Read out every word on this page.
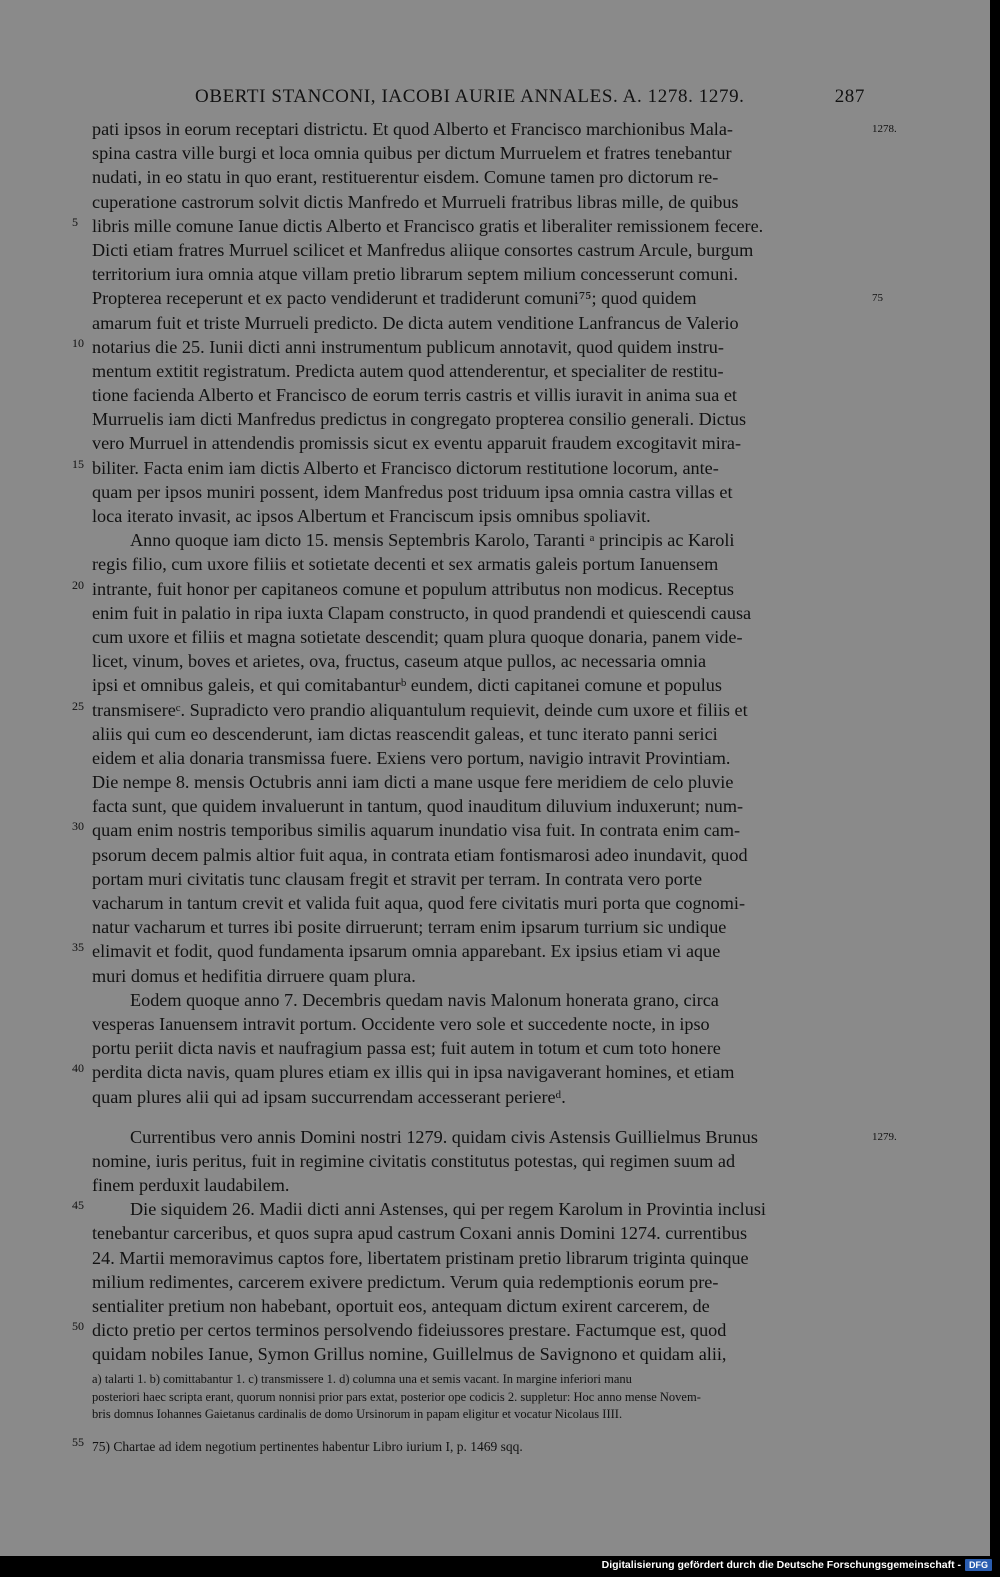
OBERTI STANCONI, IACOBI AURIE ANNALES. A. 1278. 1279.	287
pati ipsos in eorum receptari districtu. Et quod Alberto et Francisco marchionibus Mala-	1278.
spina castra ville burgi et loca omnia quibus per dictum Murruelem et fratres tenebantur
nudati, in eo statu in quo erant, restituerentur eisdem. Comune tamen pro dictorum re-
cuperatione castrorum solvit dictis Manfredo et Murrueli fratribus libras mille, de quibus
5 libris mille comune Ianue dictis Alberto et Francisco gratis et liberaliter remissionem fecere.
Dicti etiam fratres Murruel scilicet et Manfredus aliique consortes castrum Arcule, burgum
territorium iura omnia atque villam pretio librarum septem milium concesserunt comuni.
Propterea receperunt et ex pacto vendiderunt et tradiderunt comuni⁷⁵; quod quidem	75
amarum fuit et triste Murrueli predicto. De dicta autem venditione Lanfrancus de Valerio
10 notarius die 25. Iunii dicti anni instrumentum publicum annotavit, quod quidem instru-
mentum extitit registratum. Predicta autem quod attenderentur, et specialiter de restitu-
tione facienda Alberto et Francisco de eorum terris castris et villis iuravit in anima sua et
Murruelis iam dicti Manfredus predictus in congregato propterea consilio generali. Dictus
vero Murruel in attendendis promissis sicut ex eventu apparuit fraudem excogitavit mira-
15 biliter. Facta enim iam dictis Alberto et Francisco dictorum restitutione locorum, ante-
quam per ipsos muniri possent, idem Manfredus post triduum ipsa omnia castra villas et
loca iterato invasit, ac ipsos Albertum et Franciscum ipsis omnibus spoliavit.
Anno quoque iam dicto 15. mensis Septembris Karolo, Taranti ᵃ principis ac Karoli
regis filio, cum uxore filiis et sotietate decenti et sex armatis galeis portum Ianuensem
20 intrante, fuit honor per capitaneos comune et populum attributus non modicus. Receptus
enim fuit in palatio in ripa iuxta Clapam constructo, in quod prandendi et quiescendi causa
cum uxore et filiis et magna sotietate descendit; quam plura quoque donaria, panem vide-
licet, vinum, boves et arietes, ova, fructus, caseum atque pullos, ac necessaria omnia
ipsi et omnibus galeis, et qui comitabanturᵇ eundem, dicti capitanei comune et populus
25 transmisereᶜ. Supradicto vero prandio aliquantulum requievit, deinde cum uxore et filiis et
aliis qui cum eo descenderunt, iam dictas reascendit galeas, et tunc iterato panni serici
eidem et alia donaria transmissa fuere. Exiens vero portum, navigio intravit Provintiam.
Die nempe 8. mensis Octubris anni iam dicti a mane usque fere meridiem de celo pluvie
facta sunt, que quidem invaluerunt in tantum, quod inauditum diluvium induxerunt; num-
30 quam enim nostris temporibus similis aquarum inundatio visa fuit. In contrata enim cam-
psorum decem palmis altior fuit aqua, in contrata etiam fontismarosi adeo inundavit, quod
portam muri civitatis tunc clausam fregit et stravit per terram. In contrata vero porte
vacharum in tantum crevit et valida fuit aqua, quod fere civitatis muri porta que cognomi-
natur vacharum et turres ibi posite dirruerunt; terram enim ipsarum turrium sic undique
35 elimavit et fodit, quod fundamenta ipsarum omnia apparebant. Ex ipsius etiam vi aque
muri domus et hedifitia dirruere quam plura.
Eodem quoque anno 7. Decembris quedam navis Malonum honerata grano, circa
vesperas Ianuensem intravit portum. Occidente vero sole et succedente nocte, in ipso
portu periit dicta navis et naufragium passa est; fuit autem in totum et cum toto honere
40 perdita dicta navis, quam plures etiam ex illis qui in ipsa navigaverant homines, et etiam
quam plures alii qui ad ipsam succurrendam accesserant periereᵈ.
Currentibus vero annis Domini nostri 1279. quidam civis Astensis Guillielmus Brunus	1279.
nomine, iuris peritus, fuit in regimine civitatis constitutus potestas, qui regimen suum ad
finem perduxit laudabilem.
45	Die siquidem 26. Madii dicti anni Astenses, qui per regem Karolum in Provintia inclusi
tenebantur carceribus, et quos supra apud castrum Coxani annis Domini 1274. currentibus
24. Martii memoravimus captos fore, libertatem pristinam pretio librarum triginta quinque
milium redimentes, carcerem exivere predictum. Verum quia redemptionis eorum pre-
sentialiter pretium non habebant, oportuit eos, antequam dictum exirent carcerem, de
50 dicto pretio per certos terminos persolvendo fideiussores prestare. Factumque est, quod
quidam nobiles Ianue, Symon Grillus nomine, Guillelmus de Savignono et quidam alii,
a) talarti 1. b) comittabantur 1. c) transmissere 1. d) columna una et semis vacant. In margine inferiori manu
posteriori haec scripta erant, quorum nonnisi prior pars extat, posterior ope codicis 2. suppletur: Hoc anno mense Novem-
bris domnus Iohannes Gaietanus cardinalis de domo Ursinorum in papam eligitur et vocatur Nicolaus IIII.
55 75) Chartae ad idem negotium pertinentes habentur Libro iurium I, p. 1469 sqq.
Digitalisierung gefördert durch die Deutsche Forschungsgemeinschaft - DFG
